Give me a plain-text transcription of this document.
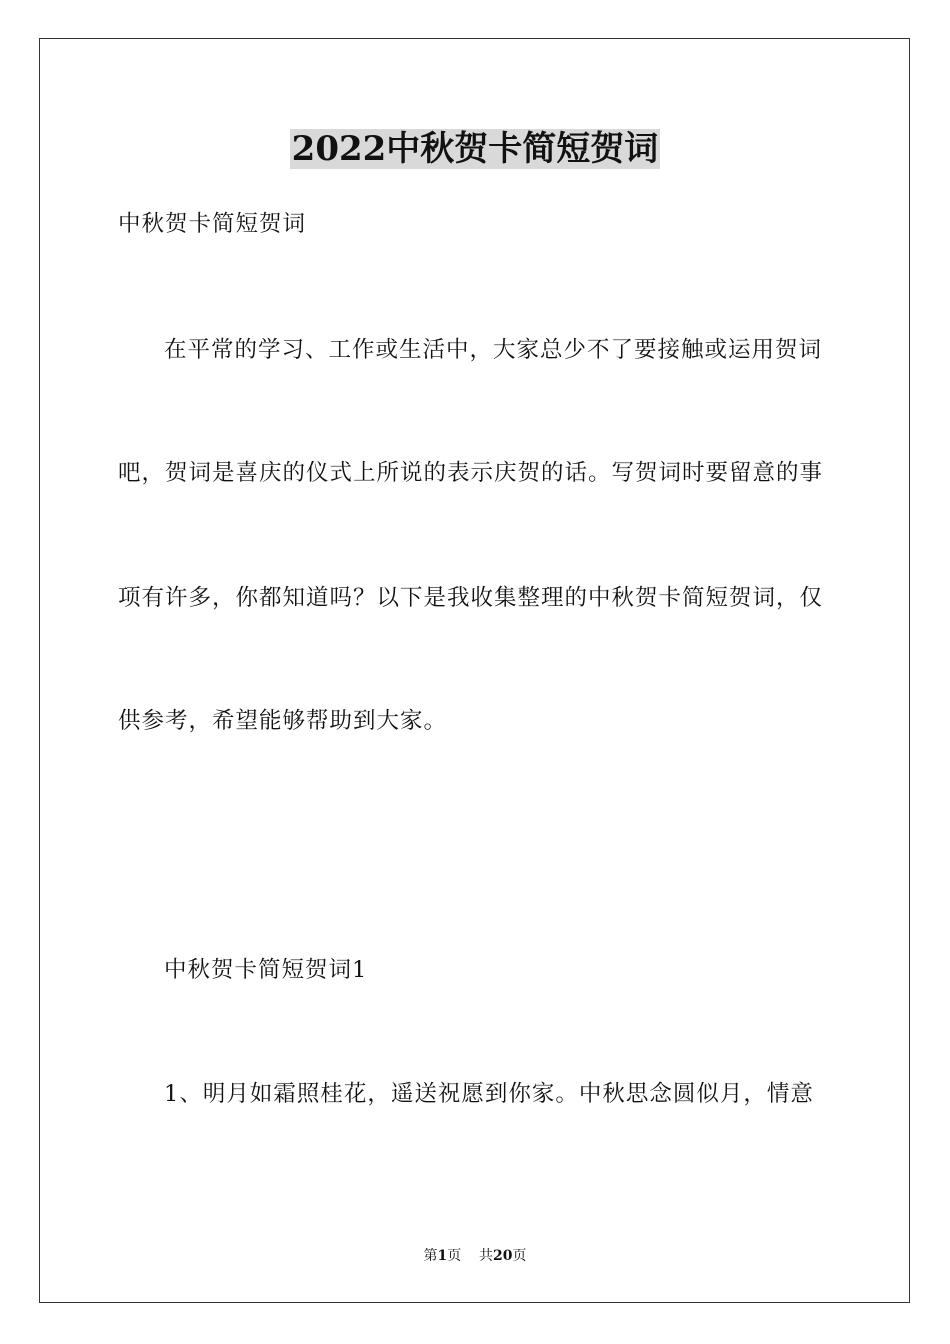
2022中秋贺卡简短贺词
中秋贺卡简短贺词
在平常的学习、工作或生活中，大家总少不了要接触或运用贺词
吧，贺词是喜庆的仪式上所说的表示庆贺的话。写贺词时要留意的事
项有许多，你都知道吗？以下是我收集整理的中秋贺卡简短贺词，仅
供参考，希望能够帮助到大家。
中秋贺卡简短贺词1
1、明月如霜照桂花，遥送祝愿到你家。中秋思念圆似月，情意
第1页 共20页
